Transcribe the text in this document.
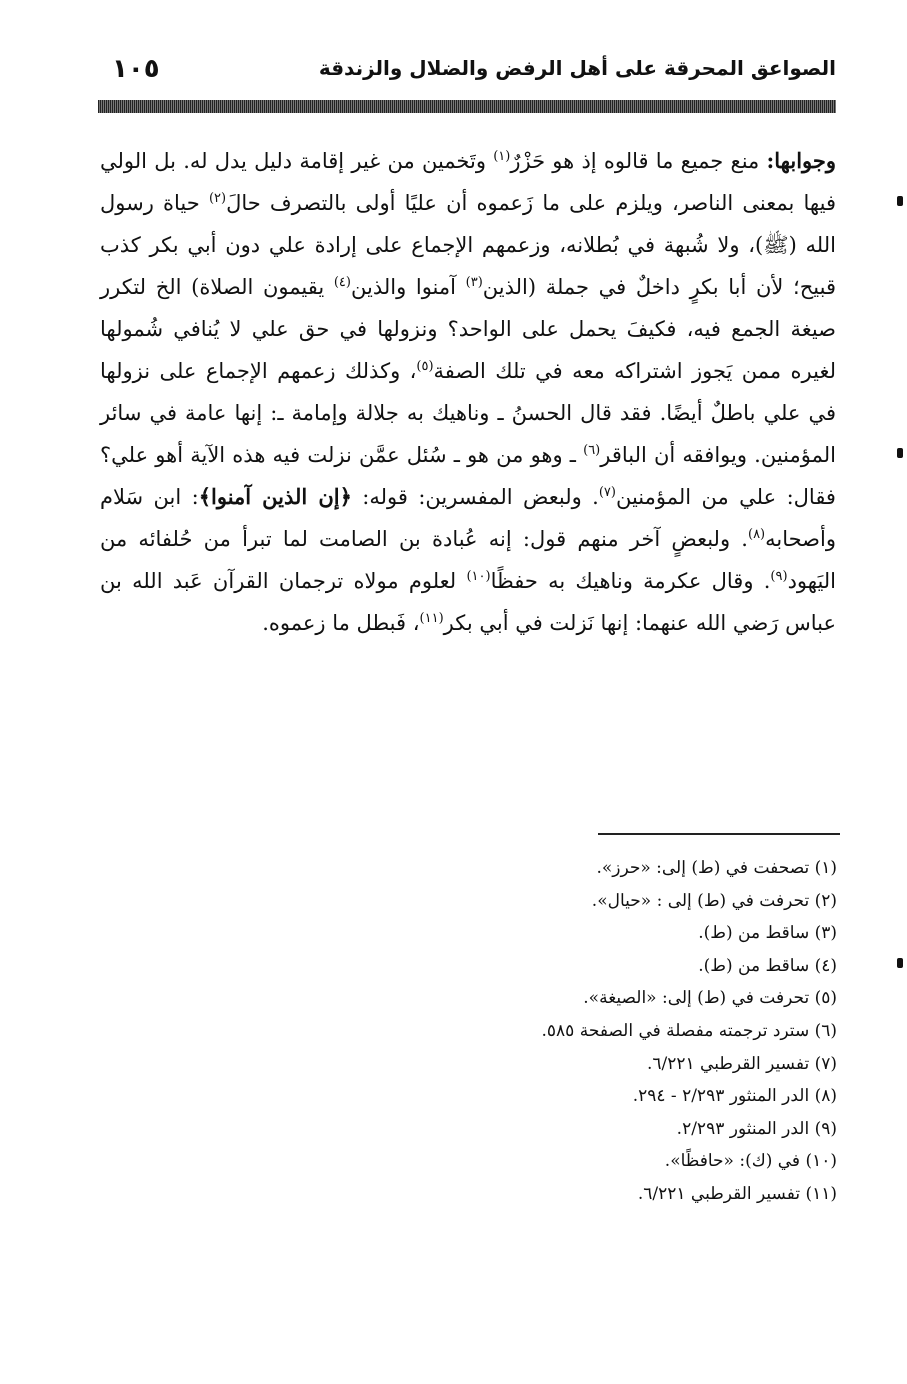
الصواعق المحرقة على أهل الرفض والضلال والزندقة
١٠٥

وجوابها: منع جميع ما قالوه إذ هو حَزْرٌ$^{(١)}$ وتَخمين من غير إقامة دليل يدل له. بل الولي فيها بمعنى الناصر، ويلزم على ما زَعموه أن عليًا أولى بالتصرف حالَ$^{(٢)}$ حياة رسول الله (ﷺ)، ولا شُبهة في بُطلانه، وزعمهم الإجماع على إرادة علي دون أبي بكر كذب قبيح؛ لأن أبا بكرٍ داخلٌ في جملة (الذين$^{(٣)}$ آمنوا والذين$^{(٤)}$ يقيمون الصلاة) الخ لتكرر صيغة الجمع فيه، فكيفَ يحمل على الواحد؟ ونزولها في حق علي لا يُنافي شُمولها لغيره ممن يَجوز اشتراكه معه في تلك الصفة$^{(٥)}$، وكذلك زعمهم الإجماع على نزولها في علي باطلٌ أيضًا. فقد قال الحسنُ ـ وناهيك به جلالة وإمامة ـ: إنها عامة في سائر المؤمنين. ويوافقه أن الباقر$^{(٦)}$ ـ وهو من هو ـ سُئل عمَّن نزلت فيه هذه الآية أهو علي؟ فقال: علي من المؤمنين$^{(٧)}$. ولبعض المفسرين: قوله: ﴿إن الذين آمنوا﴾: ابن سَلام وأصحابه$^{(٨)}$. ولبعضٍ آخر منهم قول: إنه عُبادة بن الصامت لما تبرأ من حُلفائه من اليَهود$^{(٩)}$. وقال عكرمة وناهيك به حفظًا$^{(١٠)}$ لعلوم مولاه ترجمان القرآن عَبد الله بن عباس رَضي الله عنهما: إنها نَزلت في أبي بكر$^{(١١)}$، فَبطل ما زعموه.

(١) تصحفت في (ط) إلى: «حرز».
(٢) تحرفت في (ط) إلى : «حيال».
(٣) ساقط من (ط).
(٤) ساقط من (ط).
(٥) تحرفت في (ط) إلى: «الصيغة».
(٦) سترد ترجمته مفصلة في الصفحة ٥٨٥.
(٧) تفسير القرطبي ٦/٢٢١.
(٨) الدر المنثور ٢/٢٩٣ - ٢٩٤.
(٩) الدر المنثور ٢/٢٩٣.
(١٠) في (ك): «حافظًا».
(١١) تفسير القرطبي ٦/٢٢١.
